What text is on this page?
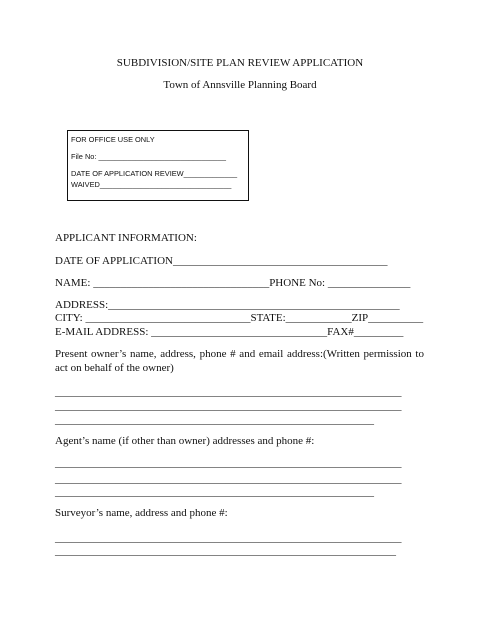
SUBDIVISION/SITE PLAN REVIEW APPLICATION
Town of Annsville Planning Board
FOR OFFICE USE ONLY
File No: _______________________________
DATE OF APPLICATION REVIEW_____________
WAIVED________________________________
APPLICANT INFORMATION:
DATE OF APPLICATION_______________________________________
NAME: ________________________________PHONE No: _______________
ADDRESS:_____________________________________________________
CITY: ______________________________STATE:____________ZIP__________
E-MAIL ADDRESS: ________________________________FAX#_________
Present owner’s name, address, phone # and email address:(Written permission to act on behalf of the owner)
_______________________________________________________________
_______________________________________________________________
__________________________________________________________
Agent’s name (if other than owner) addresses and phone #:
_______________________________________________________________
_______________________________________________________________
__________________________________________________________
Surveyor’s name, address and phone #:
_______________________________________________________________
______________________________________________________________
